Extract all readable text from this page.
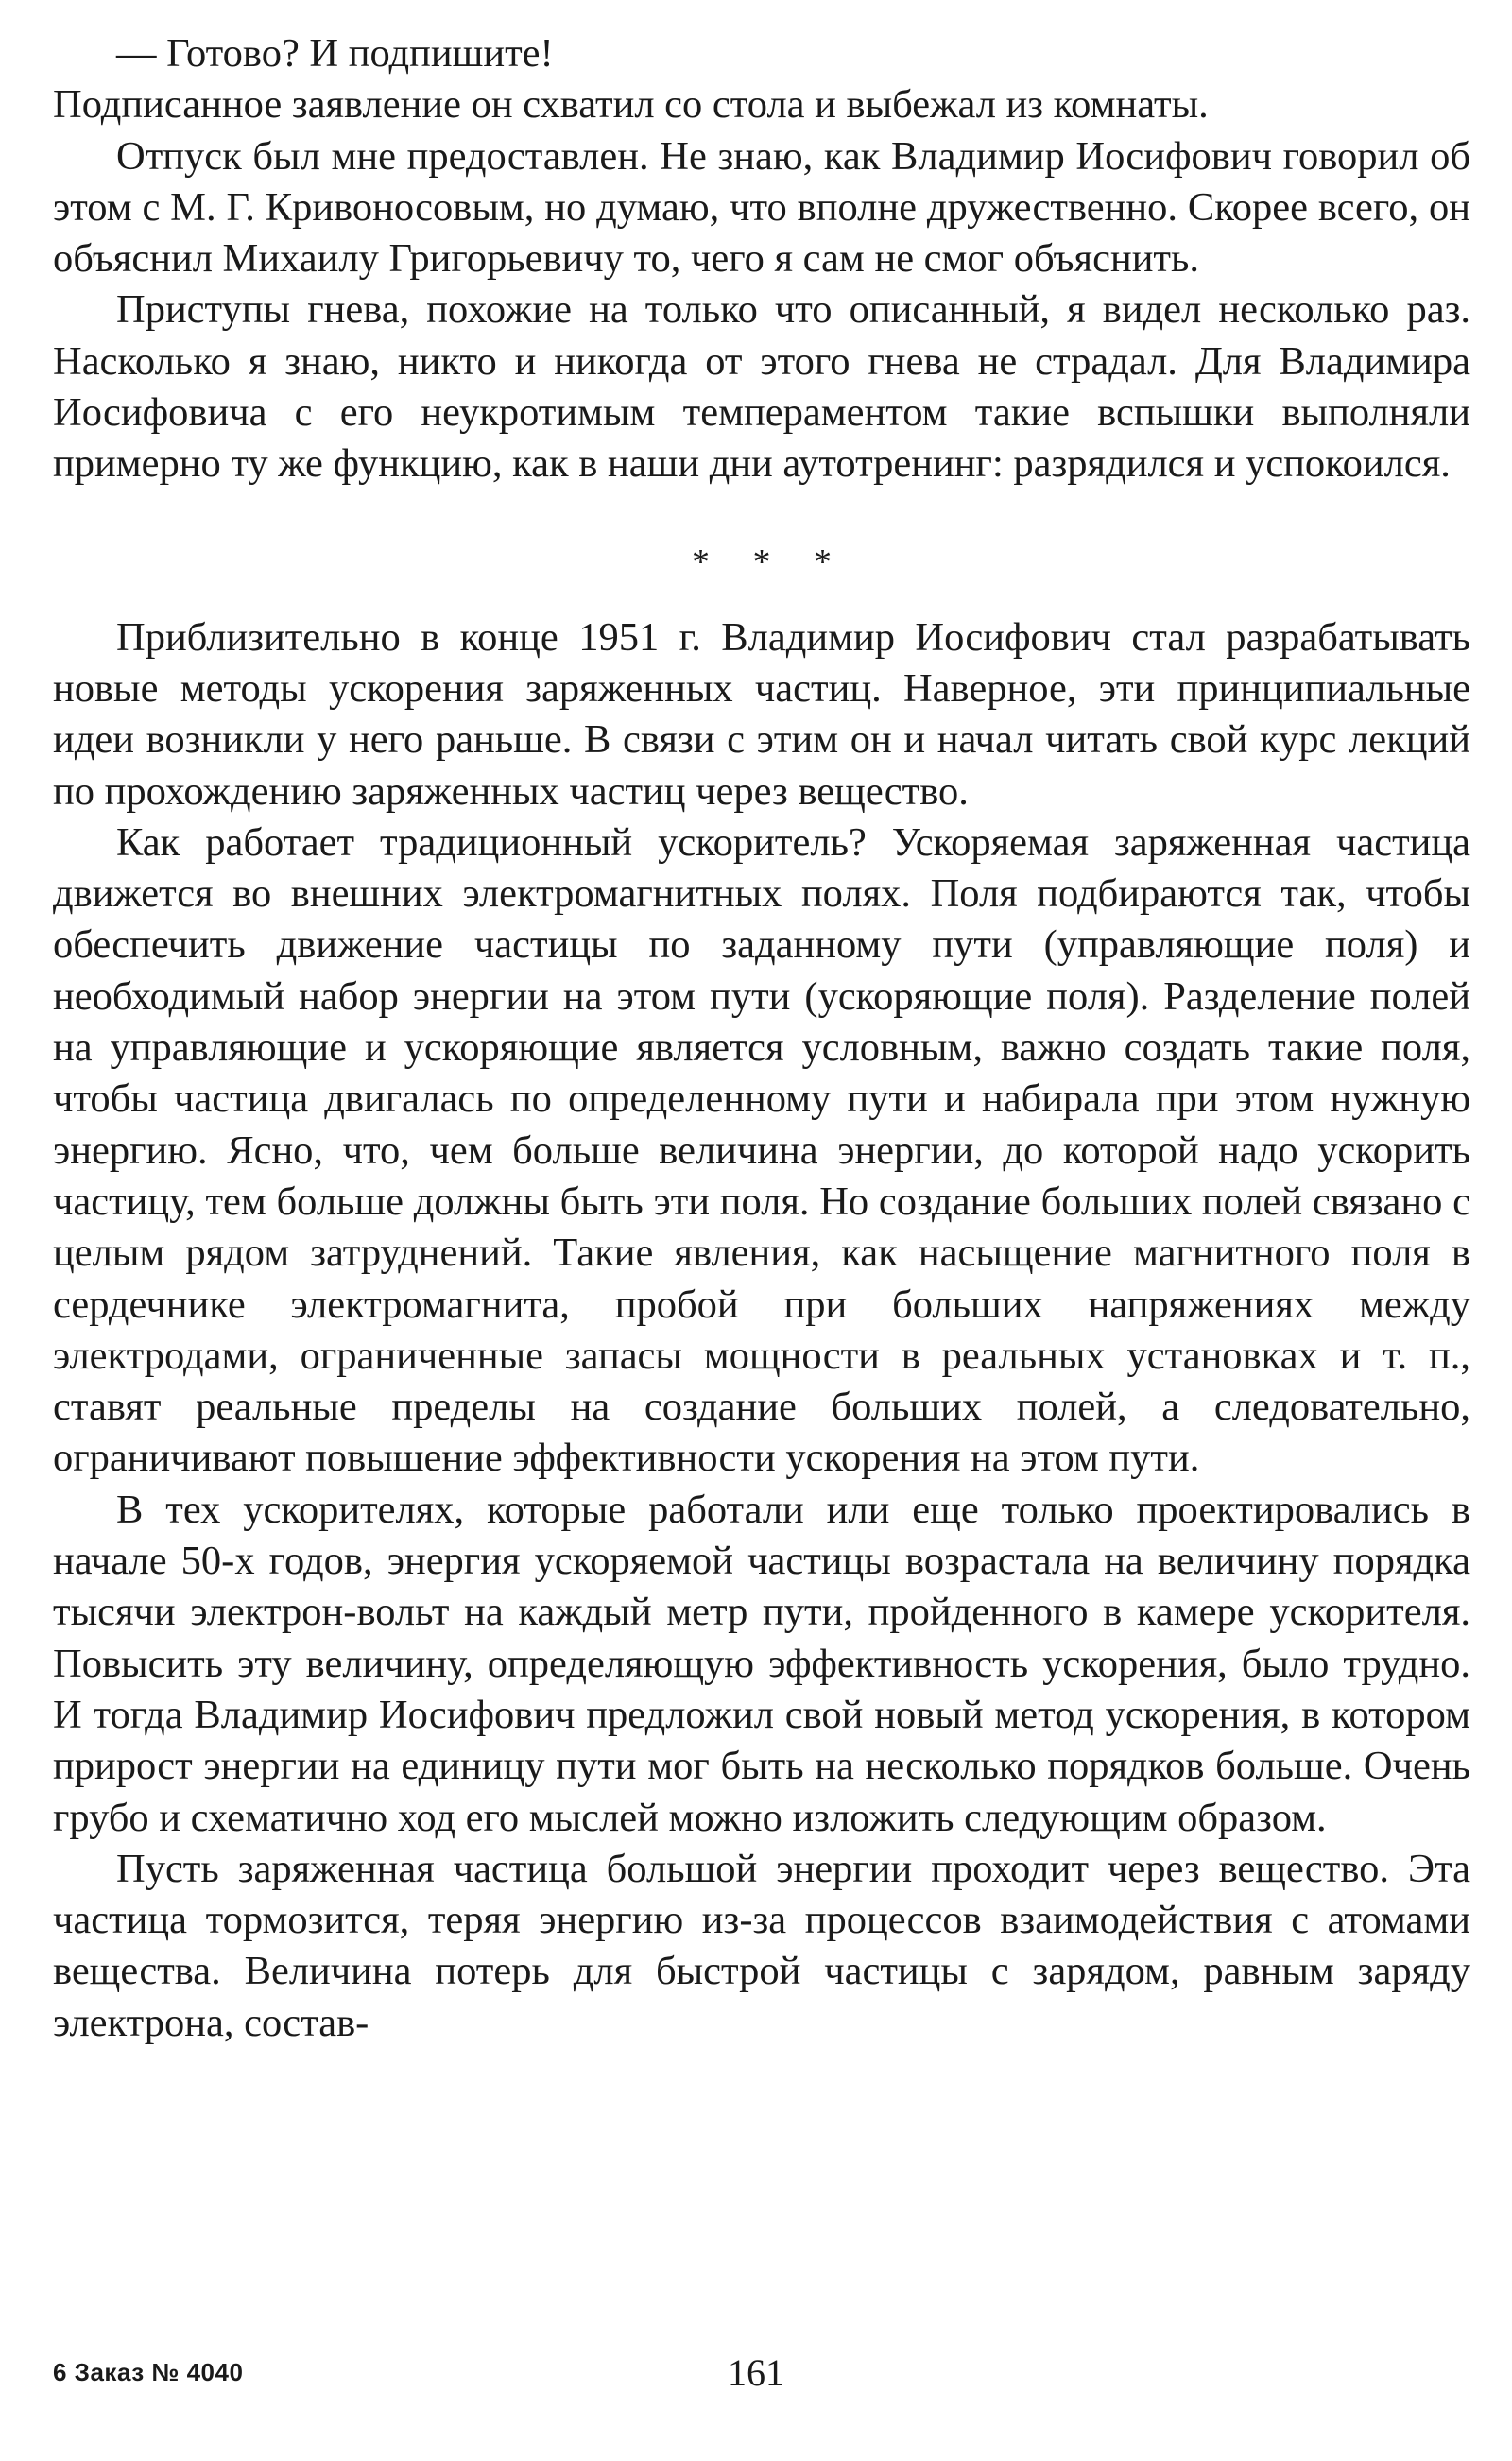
— Готово? И подпишите!

Подписанное заявление он схватил со стола и выбежал из комнаты.

Отпуск был мне предоставлен. Не знаю, как Владимир Иосифович говорил об этом с М. Г. Кривоносовым, но думаю, что вполне дружественно. Скорее всего, он объяснил Михаилу Григорьевичу то, чего я сам не смог объяснить.

Приступы гнева, похожие на только что описанный, я видел несколько раз. Насколько я знаю, никто и никогда от этого гнева не страдал. Для Владимира Иосифовича с его неукротимым темпераментом такие вспышки выполняли примерно ту же функцию, как в наши дни аутотренинг: разрядился и успокоился.

* * *

Приблизительно в конце 1951 г. Владимир Иосифович стал разрабатывать новые методы ускорения заряженных частиц. Наверное, эти принципиальные идеи возникли у него раньше. В связи с этим он и начал читать свой курс лекций по прохождению заряженных частиц через вещество.

Как работает традиционный ускоритель? Ускоряемая заряженная частица движется во внешних электромагнитных полях. Поля подбираются так, чтобы обеспечить движение частицы по заданному пути (управляющие поля) и необходимый набор энергии на этом пути (ускоряющие поля). Разделение полей на управляющие и ускоряющие является условным, важно создать такие поля, чтобы частица двигалась по определенному пути и набирала при этом нужную энергию. Ясно, что, чем больше величина энергии, до которой надо ускорить частицу, тем больше должны быть эти поля. Но создание больших полей связано с целым рядом затруднений. Такие явления, как насыщение магнитного поля в сердечнике электромагнита, пробой при больших напряжениях между электродами, ограниченные запасы мощности в реальных установках и т. п., ставят реальные пределы на создание больших полей, а следовательно, ограничивают повышение эффективности ускорения на этом пути.

В тех ускорителях, которые работали или еще только проектировались в начале 50-х годов, энергия ускоряемой частицы возрастала на величину порядка тысячи электрон-вольт на каждый метр пути, пройденного в камере ускорителя. Повысить эту величину, определяющую эффективность ускорения, было трудно. И тогда Владимир Иосифович предложил свой новый метод ускорения, в котором прирост энергии на единицу пути мог быть на несколько порядков больше. Очень грубо и схематично ход его мыслей можно изложить следующим образом.

Пусть заряженная частица большой энергии проходит через вещество. Эта частица тормозится, теряя энергию из-за процессов взаимодействия с атомами вещества. Величина потерь для быстрой частицы с зарядом, равным заряду электрона, состав-

6 Заказ № 4040	161
